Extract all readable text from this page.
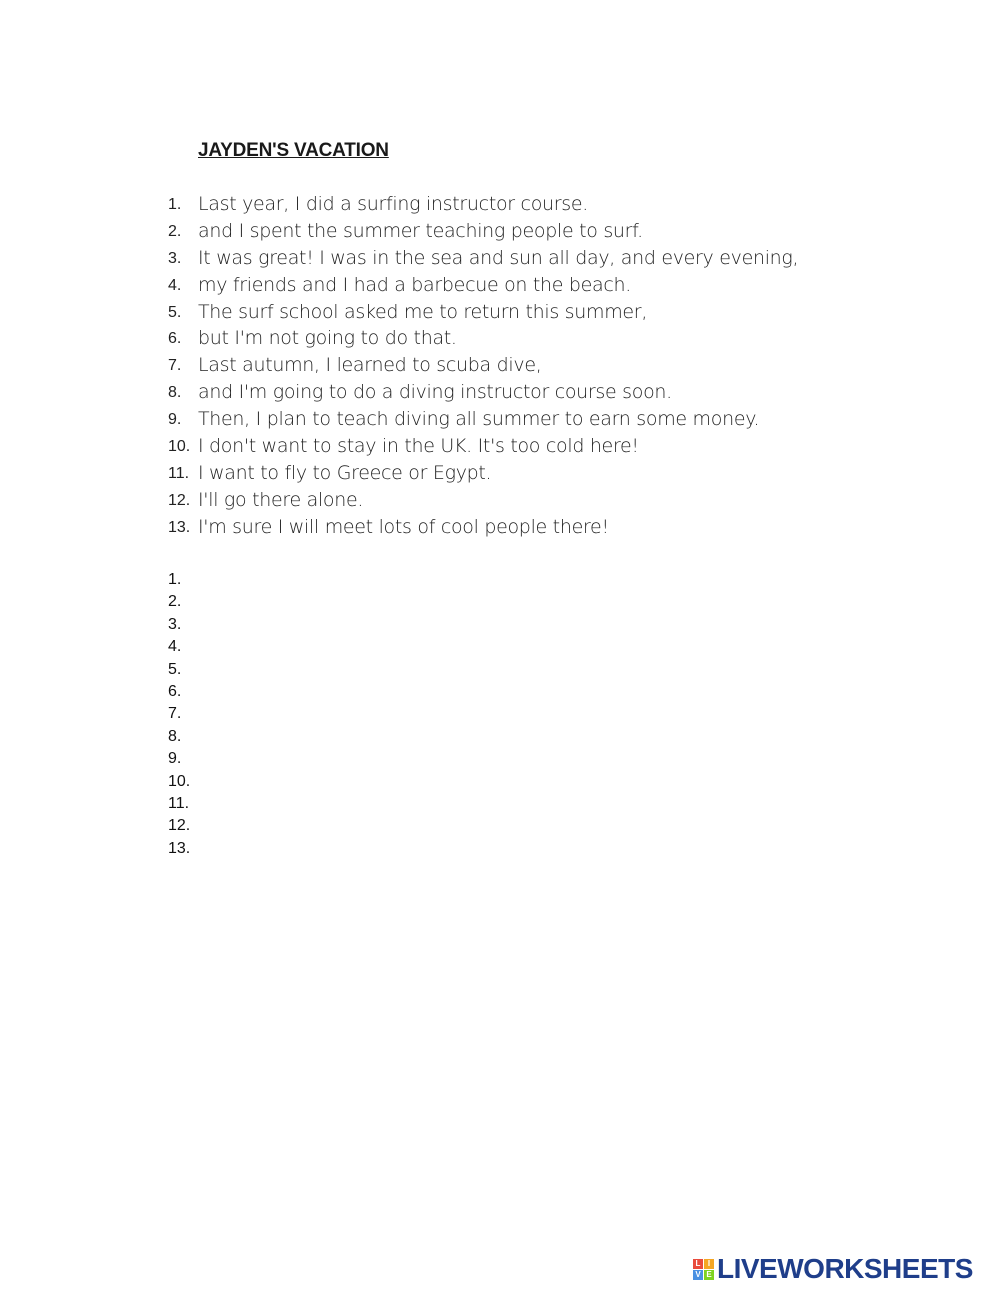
JAYDEN'S VACATION
1. Last year, I did a surfing instructor course.
2. and I spent the summer teaching people to surf.
3. It was great! I was in the sea and sun all day, and every evening,
4. my friends and I had a barbecue on the beach.
5. The surf school asked me to return this summer,
6. but I'm not going to do that.
7. Last autumn, I learned to scuba dive,
8. and I'm going to do a diving instructor course soon.
9. Then, I plan to teach diving all summer to earn some money.
10. I don't want to stay in the UK. It's too cold here!
11. I want to fly to Greece or Egypt.
12. I'll go there alone.
13. I'm sure I will meet lots of cool people there!
1.
2.
3.
4.
5.
6.
7.
8.
9.
10.
11.
12.
13.
L I
V E LIVEWORKSHEETS
